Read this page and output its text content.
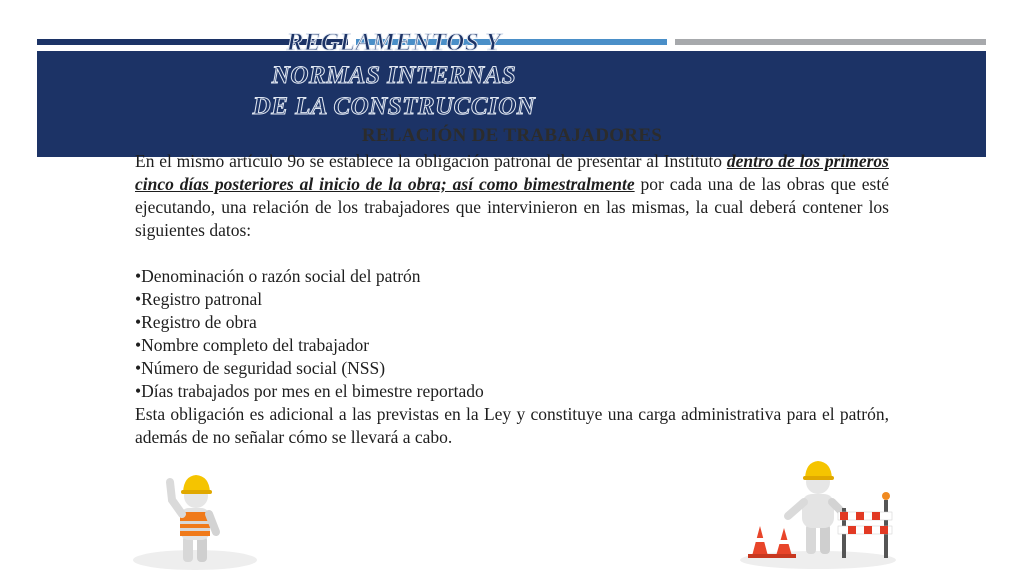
REGLAMENTOS Y
NORMAS INTERNAS
DE LA CONSTRUCCION
RELACIÓN DE TRABAJADORES

En el mismo artículo 9o se establece la obligación patronal de presentar al Instituto dentro de los primeros cinco días posteriores al inicio de la obra; así como bimestralmente por cada una de las obras que esté ejecutando, una relación de los trabajadores que intervinieron en las mismas, la cual deberá contener los siguientes datos:

•Denominación o razón social del patrón
•Registro patronal
•Registro de obra
•Nombre completo del trabajador
•Número de seguridad social (NSS)
•Días trabajados por mes en el bimestre reportado

Esta obligación es adicional a las previstas en la Ley y constituye una carga administrativa para el patrón, además de no señalar cómo se llevará a cabo.
